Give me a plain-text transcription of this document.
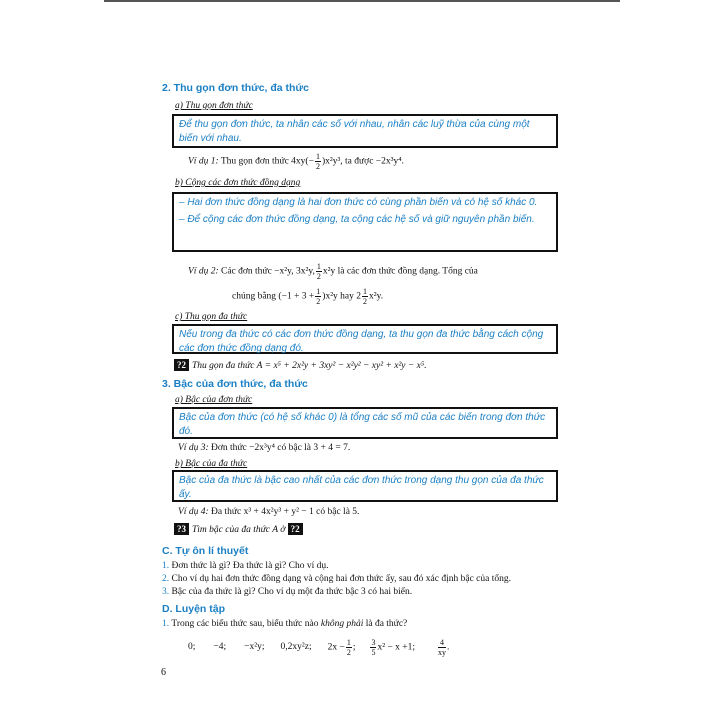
2. Thu gọn đơn thức, đa thức
a) Thu gọn đơn thức
Để thu gọn đơn thức, ta nhân các số với nhau, nhân các luỹ thừa của cùng một biến với nhau.
Ví dụ 1: Thu gọn đơn thức $4xy(- \frac{1}{2} )x^2y^3$, ta được −2x³y⁴.
b) Cộng các đơn thức đồng dạng
– Hai đơn thức đồng dạng là hai đơn thức có cùng phần biến và có hệ số khác 0.
– Để cộng các đơn thức đồng dạng, ta cộng các hệ số và giữ nguyên phần biến.
Ví dụ 2: Các đơn thức −x²y, 3x²y, $\frac{1}{2} x^2y$ là các đơn thức đồng dạng. Tổng của
chúng bằng $(-1 + 3 + \frac{1}{2} )x^2y$ hay $2 \frac{1}{2} x^2y$.
c) Thu gọn đa thức
Nếu trong đa thức có các đơn thức đồng dạng, ta thu gọn đa thức bằng cách cộng các đơn thức đồng dạng đó.
?2 Thu gọn đa thức A = x⁵ + 2x²y + 3xy² − x²y² − xy² + x²y − x⁵.
3. Bậc của đơn thức, đa thức
a) Bậc của đơn thức
Bậc của đơn thức (có hệ số khác 0) là tổng các số mũ của các biến trong đơn thức đó.
Ví dụ 3: Đơn thức −2x³y⁴ có bậc là 3 + 4 = 7.
b) Bậc của đa thức
Bậc của đa thức là bậc cao nhất của các đơn thức trong dạng thu gọn của đa thức ấy.
Ví dụ 4: Đa thức x³ + 4x²y³ + y² − 1 có bậc là 5.
?3 Tìm bậc của đa thức A ở ?2
C. Tự ôn lí thuyết
1. Đơn thức là gì? Đa thức là gì? Cho ví dụ.
2. Cho ví dụ hai đơn thức đồng dạng và cộng hai đơn thức ấy, sau đó xác định bậc của tổng.
3. Bậc của đa thức là gì? Cho ví dụ một đa thức bậc 3 có hai biến.
D. Luyện tập
1. Trong các biểu thức sau, biểu thức nào không phải là đa thức?
0; −4; −x²y; 0,2xy²z; $2x - \frac{1}{2}$ ; $\frac{3}{5} x^2 - x +1$;	$\frac{4}{xy}$ .
6
